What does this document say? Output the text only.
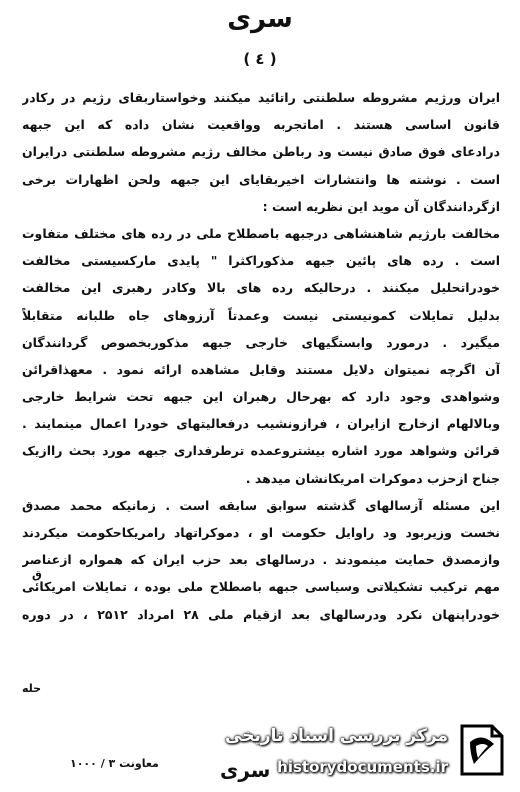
سری
( ٤ )
ایران ورژیم مشروطه سلطنتی راتائید میکنند وخواستاربقای رژیم در رکادر
قانون اساسی هستند . اماتجربه وواقعیت نشان داده که این جبهه
درادعای فوق صادق نیست ود رباطن مخالف رژیم مشروطه سلطنتی درایران
است . نوشته ها وانتشارات اخیربقایای این جبهه ولحن اظهارات برخی
ازگردانندگان آن موید این نظریه است :
مخالفت بارژیم شاهنشاهی درجبهه باصطلاح ملی در رده های مختلف متفاوت
است . رده های پائین جبهه مذکوراکثرا " پایدی مارکسیستی مخالفت
خودراتحلیل میکنند . درحالیکه رده های بالا وکادر رهبری این مخالفت
بدلیل تمایلات کمونیستی نیست وعمدتاً آرزوهای جاه طلبانه متقابلاً
میگیرد . درمورد وابستگیهای خارجی جبهه مذکوربخصوص گردانندگان
آن اگرچه نمیتوان دلایل مستند وقابل مشاهده ارائه نمود . معهذاقرائن
وشواهدی وجود دارد که بهرحال رهبران این جبهه تحت شرایط خارجی
وبالالهام ازخارج ازایران ، فرازونشیب درفعالیتهای خودرا اعمال مینمایند .
قرائن وشواهد مورد اشاره بیشتروعمده ترطرفداری جبهه مورد بحث راازیک
جناح ازحزب دموکرات امریکانشان میدهد .
این مسئله آزسالهای گذشته سوابق سابقه است . زمانیکه محمد مصدق
نخست وزیربود ود راوایل حکومت او ، دموکراتهاد رامریکاحکومت میکردند
وازمصدق حمایت مینمودند . درسالهای بعد حزب ایران که همواره ازعناصر
مهم ترکیب تشکیلاتی وسیاسی جبهه باصطلاح ملی بوده ، تمایلات امریکائی
خودراپنهان نکرد ودرسالهای بعد ازقیام ملی ۲۸ امرداد ۲۵۱۲ ، در دوره
ق
حله
معاونت ۳ / ۱۰۰۰	سری
مرکز بررسی اسناد تاریخی
historydocuments.ir
